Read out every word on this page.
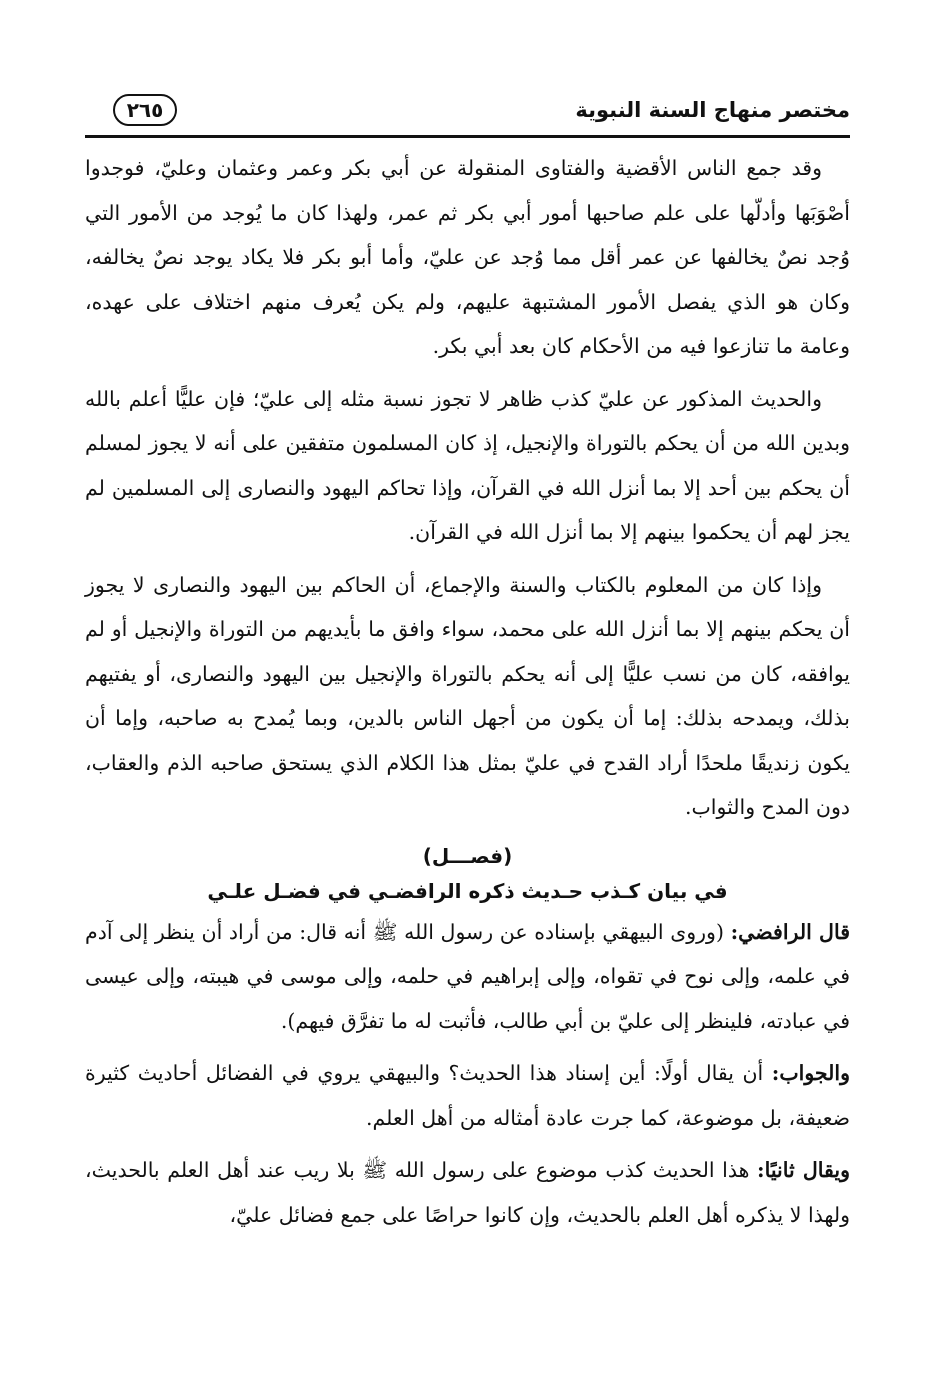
مختصر منهاج السنة النبوية
٢٦٥

وقد جمع الناس الأقضية والفتاوى المنقولة عن أبي بكر وعمر وعثمان وعليّ، فوجدوا أصْوَبَها وأدلّها على علم صاحبها أمور أبي بكر ثم عمر، ولهذا كان ما يُوجد من الأمور التي وُجد نصٌ يخالفها عن عمر أقل مما وُجد عن عليّ، وأما أبو بكر فلا يكاد يوجد نصٌ يخالفه، وكان هو الذي يفصل الأمور المشتبهة عليهم، ولم يكن يُعرف منهم اختلاف على عهده، وعامة ما تنازعوا فيه من الأحكام كان بعد أبي بكر.

والحديث المذكور عن عليّ كذب ظاهر لا تجوز نسبة مثله إلى عليّ؛ فإن عليًّا أعلم بالله وبدين الله من أن يحكم بالتوراة والإنجيل، إذ كان المسلمون متفقين على أنه لا يجوز لمسلم أن يحكم بين أحد إلا بما أنزل الله في القرآن، وإذا تحاكم اليهود والنصارى إلى المسلمين لم يجز لهم أن يحكموا بينهم إلا بما أنزل الله في القرآن.

وإذا كان من المعلوم بالكتاب والسنة والإجماع، أن الحاكم بين اليهود والنصارى لا يجوز أن يحكم بينهم إلا بما أنزل الله على محمد، سواء وافق ما بأيديهم من التوراة والإنجيل أو لم يوافقه، كان من نسب عليًّا إلى أنه يحكم بالتوراة والإنجيل بين اليهود والنصارى، أو يفتيهم بذلك، ويمدحه بذلك: إما أن يكون من أجهل الناس بالدين، وبما يُمدح به صاحبه، وإما أن يكون زنديقًا ملحدًا أراد القدح في عليّ بمثل هذا الكلام الذي يستحق صاحبه الذم والعقاب، دون المدح والثواب.

(فصـــل)
في بيان كـذب حـديث ذكره الرافضـي في فضـل علـي

قال الرافضي: (وروى البيهقي بإسناده عن رسول الله ﷺ أنه قال: من أراد أن ينظر إلى آدم في علمه، وإلى نوح في تقواه، وإلى إبراهيم في حلمه، وإلى موسى في هيبته، وإلى عيسى في عبادته، فلينظر إلى عليّ بن أبي طالب، فأثبت له ما تفرَّق فيهم).

والجواب: أن يقال أولًا: أين إسناد هذا الحديث؟ والبيهقي يروي في الفضائل أحاديث كثيرة ضعيفة، بل موضوعة، كما جرت عادة أمثاله من أهل العلم.

ويقال ثانيًا: هذا الحديث كذب موضوع على رسول الله ﷺ بلا ريب عند أهل العلم بالحديث، ولهذا لا يذكره أهل العلم بالحديث، وإن كانوا حراصًا على جمع فضائل عليّ،
